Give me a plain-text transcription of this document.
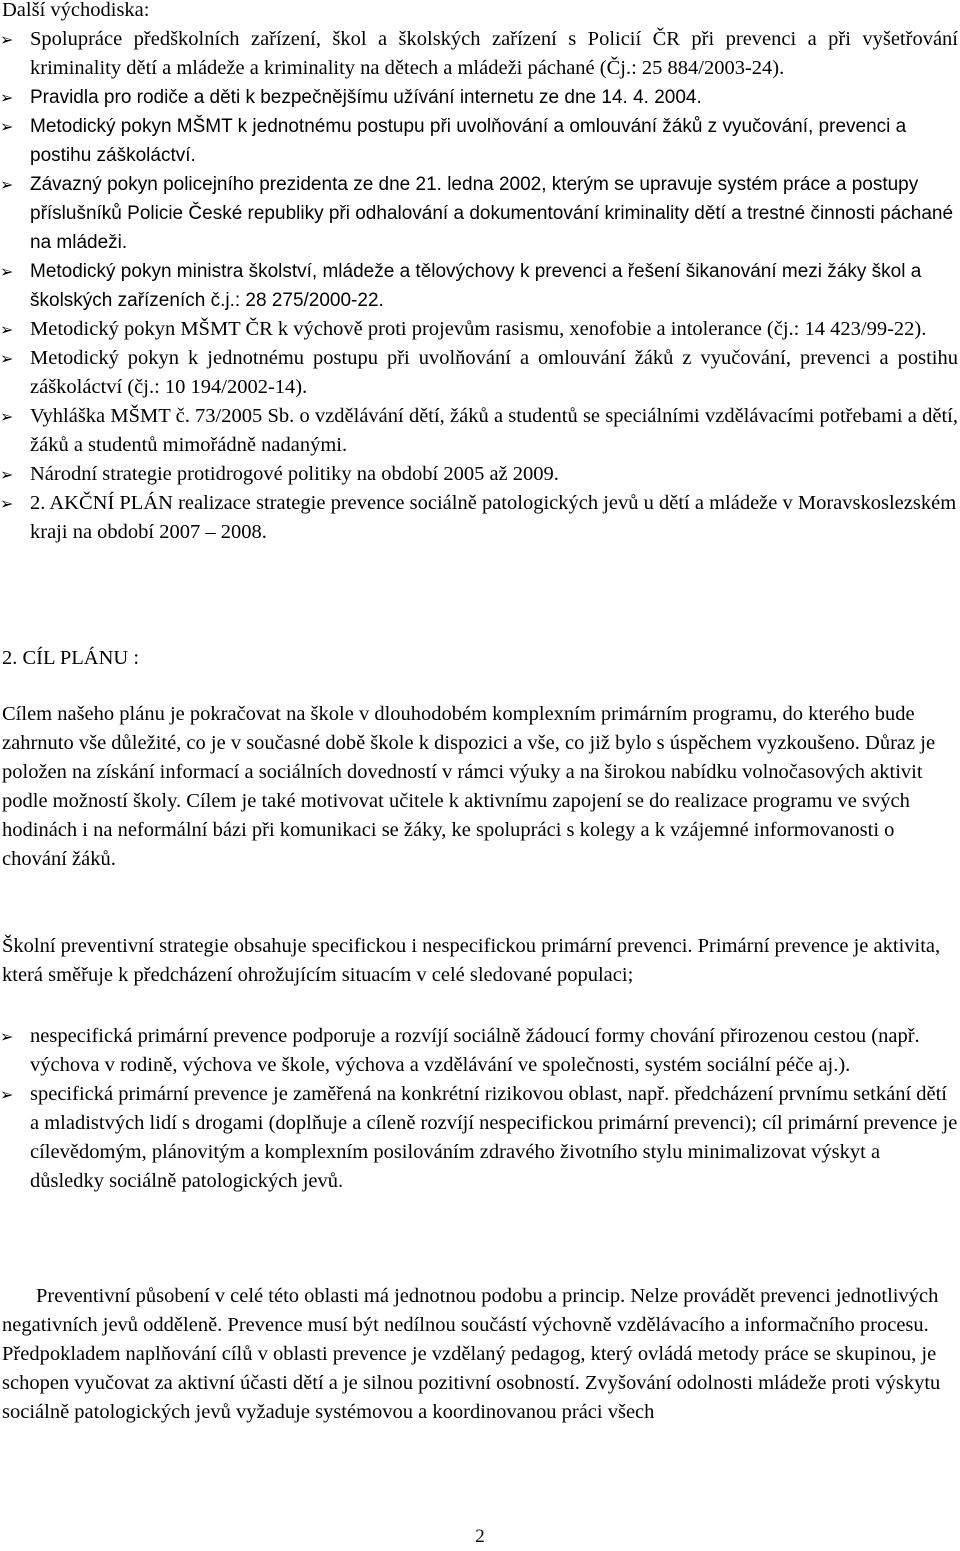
Další východiska:
➢ Spolupráce předškolních zařízení, škol a školských zařízení s Policií ČR při prevenci a při vyšetřování kriminality dětí a mládeže a kriminality na dětech a mládeži páchané (Čj.: 25 884/2003-24).
➢ Pravidla pro rodiče a děti k bezpečnějšímu užívání internetu ze dne 14. 4. 2004.
➢ Metodický pokyn MŠMT k jednotnému postupu při uvolňování a omlouvání žáků z vyučování, prevenci a postihu záškoláctví.
➢ Závazný pokyn policejního prezidenta ze dne 21. ledna 2002, kterým se upravuje systém práce a postupy příslušníků Policie České republiky při odhalování a dokumentování kriminality dětí a trestné činnosti páchané na mládeži.
➢ Metodický pokyn ministra školství, mládeže a tělovýchovy k prevenci a řešení šikanování mezi žáky škol a školských zařízeních č.j.: 28 275/2000-22.
➢ Metodický pokyn MŠMT ČR k výchově proti projevům rasismu, xenofobie a intolerance (čj.: 14 423/99-22).
➢ Metodický pokyn k jednotnému postupu při uvolňování a omlouvání žáků z vyučování, prevenci a postihu záškoláctví (čj.: 10 194/2002-14).
➢ Vyhláška MŠMT č. 73/2005 Sb. o vzdělávání dětí, žáků a studentů se speciálními vzdělávacími potřebami a dětí, žáků a studentů mimořádně nadanými.
➢ Národní strategie protidrogové politiky na období 2005 až 2009.
➢ 2. AKČNÍ PLÁN realizace strategie prevence sociálně patologických jevů u dětí a mládeže v Moravskoslezském kraji na období 2007 – 2008.
2. CÍL PLÁNU :
Cílem našeho plánu je pokračovat na škole v dlouhodobém komplexním primárním programu, do kterého bude zahrnuto vše důležité, co je v současné době škole k dispozici a vše, co již bylo s úspěchem vyzkoušeno. Důraz je položen na získání informací a sociálních dovedností v rámci výuky a na širokou nabídku volnočasových aktivit podle možností školy. Cílem je také motivovat učitele k aktivnímu zapojení se do realizace programu ve svých hodinách i na neformální bázi při komunikaci se žáky, ke spolupráci s kolegy a k vzájemné informovanosti o chování žáků.
Školní preventivní strategie obsahuje specifickou i nespecifickou primární prevenci. Primární prevence je aktivita, která směřuje k předcházení ohrožujícím situacím v celé sledované populaci;
➢ nespecifická primární prevence podporuje a rozvíjí sociálně žádoucí formy chování přirozenou cestou (např. výchova v rodině, výchova ve škole, výchova a vzdělávání ve společnosti, systém sociální péče aj.).
➢ specifická primární prevence je zaměřená na konkrétní rizikovou oblast, např. předcházení prvnímu setkání dětí a mladistvých lidí s drogami (doplňuje a cíleně rozvíjí nespecifickou primární prevenci); cíl primární prevence je cílevědomým, plánovitým a komplexním posilováním zdravého životního stylu minimalizovat výskyt a důsledky sociálně patologických jevů.
Preventivní působení v celé této oblasti má jednotnou podobu a princip. Nelze provádět prevenci jednotlivých negativních jevů odděleně. Prevence musí být nedílnou součástí výchovně vzdělávacího a informačního procesu. Předpokladem naplňování cílů v oblasti prevence je vzdělaný pedagog, který ovládá metody práce se skupinou, je schopen vyučovat za aktivní účasti dětí a je silnou pozitivní osobností. Zvyšování odolnosti mládeže proti výskytu sociálně patologických jevů vyžaduje systémovou a koordinovanou práci všech
2
